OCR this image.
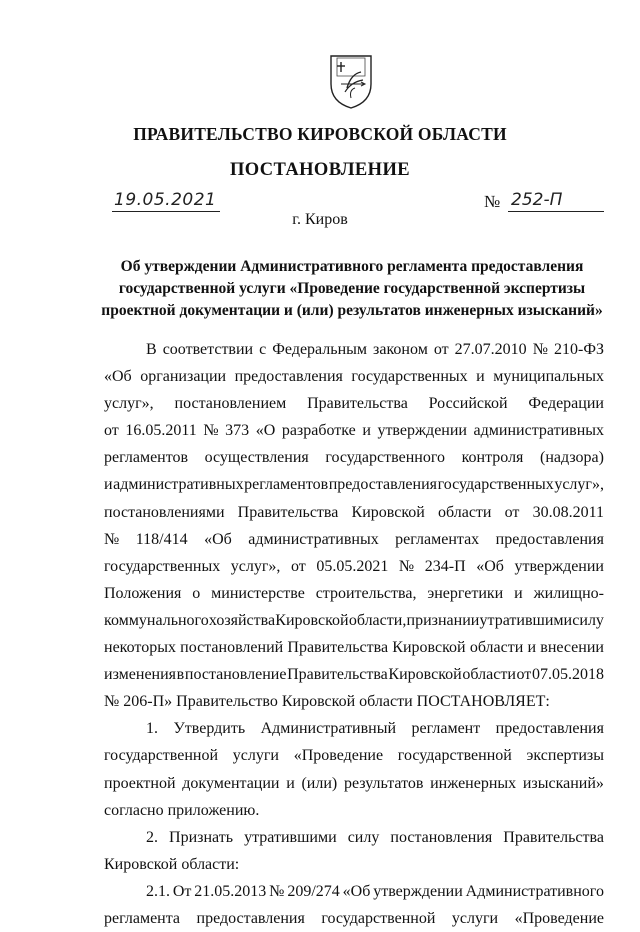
ПРАВИТЕЛЬСТВО КИРОВСКОЙ ОБЛАСТИ
ПОСТАНОВЛЕНИЕ
19.05.2021	№ 252-П
г. Киров
Об утверждении Административного регламента предоставления
государственной услуги «Проведение государственной экспертизы
проектной документации и (или) результатов инженерных изысканий»
В соответствии с Федеральным законом от 27.07.2010 № 210-ФЗ
«Об организации предоставления государственных и муниципальных
услуг», постановлением Правительства Российской Федерации
от 16.05.2011 № 373 «О разработке и утверждении административных
регламентов осуществления государственного контроля (надзора)
и административных регламентов предоставления государственных услуг»,
постановлениями Правительства Кировской области от 30.08.2011
№ 118/414 «Об административных регламентах предоставления
государственных услуг», от 05.05.2021 № 234-П «Об утверждении
Положения о министерстве строительства, энергетики и жилищно-
коммунального хозяйства Кировской области, признании утратившими силу
некоторых постановлений Правительства Кировской области и внесении
изменения в постановление Правительства Кировской области от 07.05.2018
№ 206-П» Правительство Кировской области ПОСТАНОВЛЯЕТ:
1. Утвердить Административный регламент предоставления
государственной услуги «Проведение государственной экспертизы
проектной документации и (или) результатов инженерных изысканий»
согласно приложению.
2. Признать утратившими силу постановления Правительства
Кировской области:
2.1. От 21.05.2013 № 209/274 «Об утверждении Административного
регламента предоставления государственной услуги «Проведение
